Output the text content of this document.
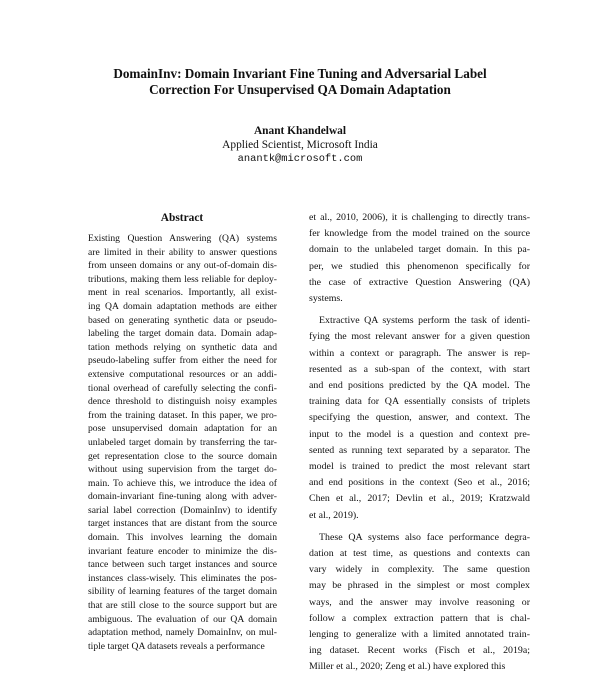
DomainInv: Domain Invariant Fine Tuning and Adversarial Label
Correction For Unsupervised QA Domain Adaptation
Anant Khandelwal
Applied Scientist, Microsoft India
anantk@microsoft.com
Abstract
Existing Question Answering (QA) systems
are limited in their ability to answer questions
from unseen domains or any out-of-domain dis-
tributions, making them less reliable for deploy-
ment in real scenarios. Importantly, all exist-
ing QA domain adaptation methods are either
based on generating synthetic data or pseudo-
labeling the target domain data. Domain adap-
tation methods relying on synthetic data and
pseudo-labeling suffer from either the need for
extensive computational resources or an addi-
tional overhead of carefully selecting the confi-
dence threshold to distinguish noisy examples
from the training dataset. In this paper, we pro-
pose unsupervised domain adaptation for an
unlabeled target domain by transferring the tar-
get representation close to the source domain
without using supervision from the target do-
main. To achieve this, we introduce the idea of
domain-invariant fine-tuning along with adver-
sarial label correction (DomainInv) to identify
target instances that are distant from the source
domain. This involves learning the domain
invariant feature encoder to minimize the dis-
tance between such target instances and source
instances class-wisely. This eliminates the pos-
sibility of learning features of the target domain
that are still close to the source support but are
ambiguous. The evaluation of our QA domain
adaptation method, namely DomainInv, on mul-
tiple target QA datasets reveals a performance
et al., 2010, 2006), it is challenging to directly trans-
fer knowledge from the model trained on the source
domain to the unlabeled target domain. In this pa-
per, we studied this phenomenon specifically for
the case of extractive Question Answering (QA)
systems.
Extractive QA systems perform the task of identi-
fying the most relevant answer for a given question
within a context or paragraph. The answer is rep-
resented as a sub-span of the context, with start
and end positions predicted by the QA model. The
training data for QA essentially consists of triplets
specifying the question, answer, and context. The
input to the model is a question and context pre-
sented as running text separated by a separator. The
model is trained to predict the most relevant start
and end positions in the context (Seo et al., 2016;
Chen et al., 2017; Devlin et al., 2019; Kratzwald
et al., 2019).
These QA systems also face performance degra-
dation at test time, as questions and contexts can
vary widely in complexity. The same question
may be phrased in the simplest or most complex
ways, and the answer may involve reasoning or
follow a complex extraction pattern that is chal-
lenging to generalize with a limited annotated train-
ing dataset. Recent works (Fisch et al., 2019a;
Miller et al., 2020; Zeng et al.) have explored this
